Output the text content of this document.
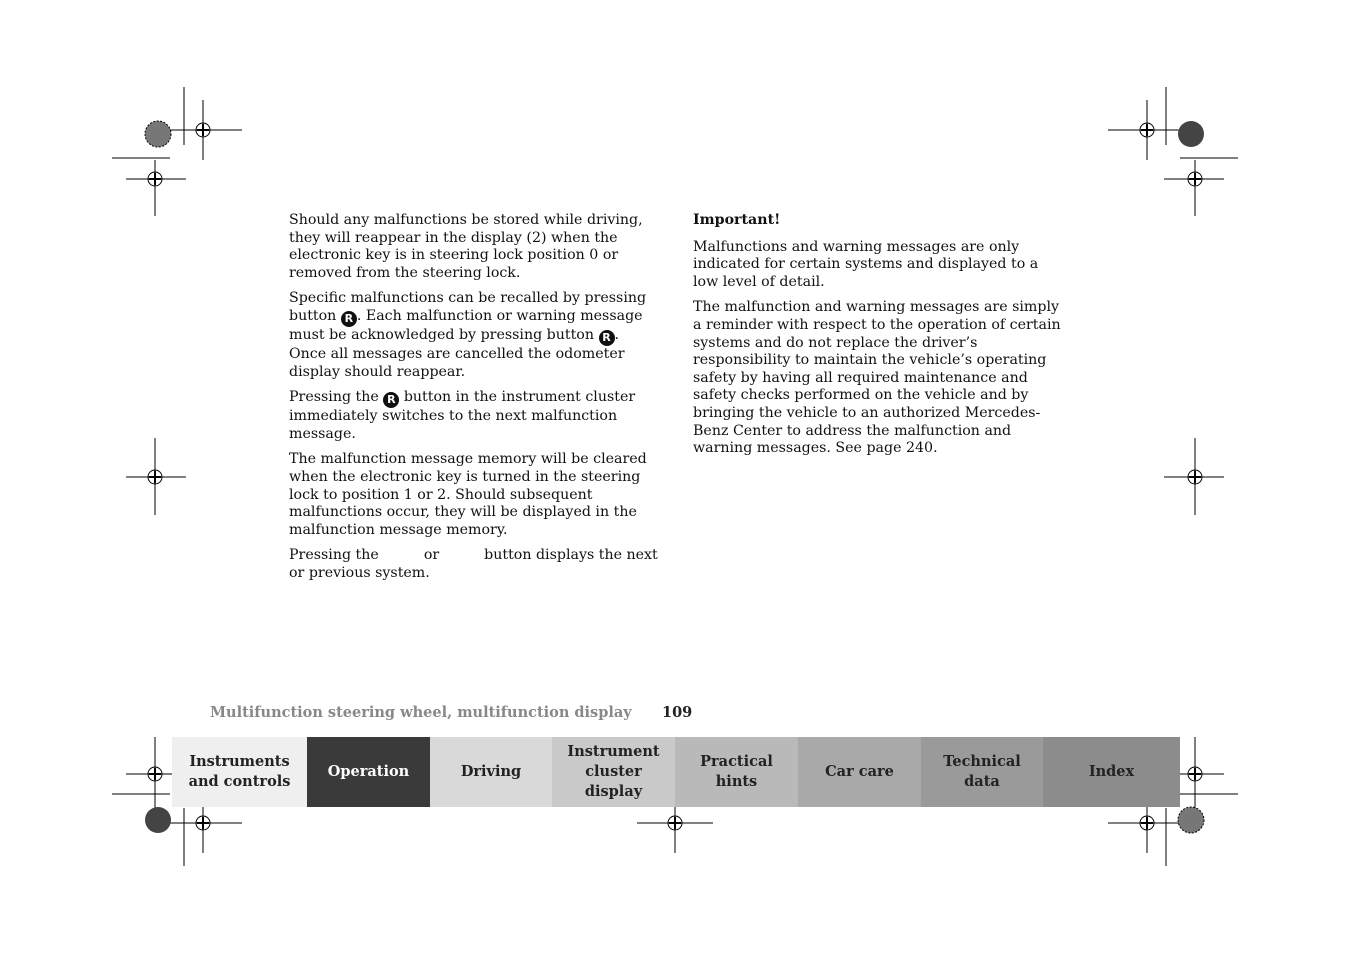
Should any malfunctions be stored while driving, they will reappear in the display (2) when the electronic key is in steering lock position 0 or removed from the steering lock.

Specific malfunctions can be recalled by pressing button R . Each malfunction or warning message must be acknowledged by pressing button R . Once all messages are cancelled the odometer display should reappear.

Pressing the R button in the instrument cluster immediately switches to the next malfunction message.

The malfunction message memory will be cleared when the electronic key is turned in the steering lock to position 1 or 2. Should subsequent malfunctions occur, they will be displayed in the malfunction message memory.

Pressing the	or	button displays the next or previous system.

Important!

Malfunctions and warning messages are only indicated for certain systems and displayed to a low level of detail.

The malfunction and warning messages are simply a reminder with respect to the operation of certain systems and do not replace the driver’s responsibility to maintain the vehicle’s operating safety by having all required maintenance and safety checks performed on the vehicle and by bringing the vehicle to an authorized Mercedes-Benz Center to address the malfunction and warning messages. See page 240.

Multifunction steering wheel, multifunction display 109
Instruments
and controls
Operation	Driving
Instrument
cluster display
Practical hints
Car care
Technical
data
Index
